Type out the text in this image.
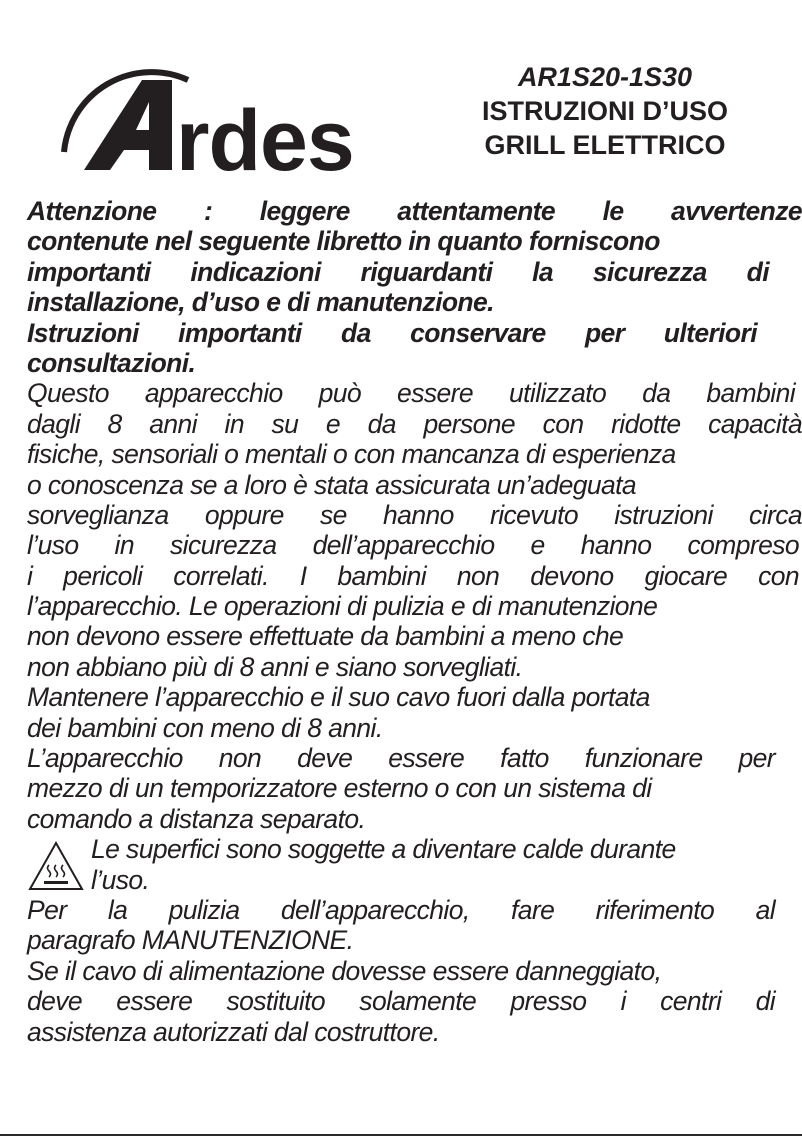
rdes
AR1S20-1S30
ISTRUZIONI D’USO
GRILL ELETTRICO
Attenzione : leggere attentamente le avvertenze
contenute nel seguente libretto in quanto forniscono
importanti indicazioni riguardanti la sicurezza di
installazione, d’uso e di manutenzione.
Istruzioni importanti da conservare per ulteriori
consultazioni.
Questo apparecchio può essere utilizzato da bambini
dagli 8 anni in su e da persone con ridotte capacità
fisiche, sensoriali o mentali o con mancanza di esperienza
o conoscenza se a loro è stata assicurata un’adeguata
sorveglianza oppure se hanno ricevuto istruzioni circa
l’uso in sicurezza dell’apparecchio e hanno compreso
i pericoli correlati. I bambini non devono giocare con
l’apparecchio. Le operazioni di pulizia e di manutenzione
non devono essere effettuate da bambini a meno che
non abbiano più di 8 anni e siano sorvegliati.
Mantenere l’apparecchio e il suo cavo fuori dalla portata
dei bambini con meno di 8 anni.
L’apparecchio non deve essere fatto funzionare per
mezzo di un temporizzatore esterno o con un sistema di
comando a distanza separato.
Le superfici sono soggette a diventare calde durante
l’uso.
Per la pulizia dell’apparecchio, fare riferimento al
paragrafo MANUTENZIONE.
Se il cavo di alimentazione dovesse essere danneggiato,
deve essere sostituito solamente presso i centri di
assistenza autorizzati dal costruttore.
